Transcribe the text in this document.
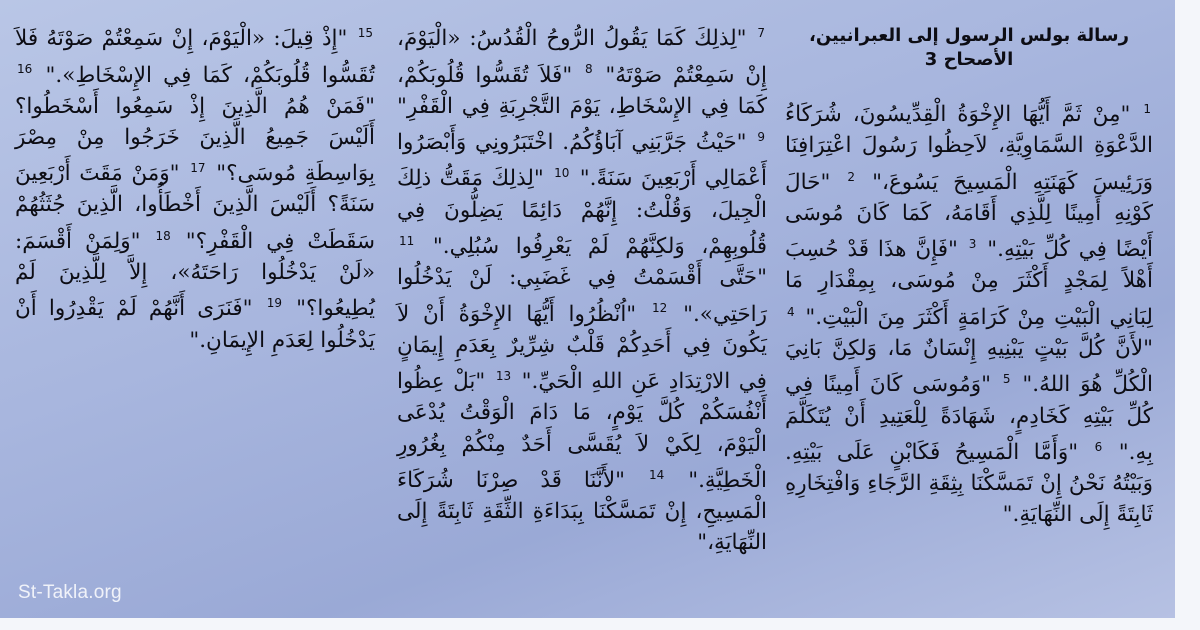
رسالة بولس الرسول إلى العبرانيين،
الأصحاح 3
$^1$ "مِنْ ثَمَّ أَيُّهَا الإِخْوَةُ الْقِدِّيسُونَ، شُرَكَاءُ الدَّعْوَةِ السَّمَاوِيَّةِ، لاَحِظُوا رَسُولَ اعْتِرَافِنَا وَرَئِيسَ كَهَنَتِهِ الْمَسِيحَ يَسُوعَ،" $^2$ "حَالَ كَوْنِهِ أَمِينًا لِلَّذِي أَقَامَهُ، كَمَا كَانَ مُوسَى أَيْضًا فِي كُلِّ بَيْتِهِ." $^3$ "فَإِنَّ هذَا قَدْ حُسِبَ أَهْلاً لِمَجْدٍ أَكْثَرَ مِنْ مُوسَى، بِمِقْدَارِ مَا لِبَانِي الْبَيْتِ مِنْ كَرَامَةٍ أَكْثَرَ مِنَ الْبَيْتِ." $^4$ "لأَنَّ كُلَّ بَيْتٍ يَبْنِيهِ إِنْسَانٌ مَا، وَلكِنَّ بَانِيَ الْكُلِّ هُوَ اللهُ." $^5$ "وَمُوسَى كَانَ أَمِينًا فِي كُلِّ بَيْتِهِ كَخَادِمٍ، شَهَادَةً لِلْعَتِيدِ أَنْ يُتَكَلَّمَ بِهِ." $^6$ "وَأَمَّا الْمَسِيحُ فَكَابْنٍ عَلَى بَيْتِهِ. وَبَيْتُهُ نَحْنُ إِنْ تَمَسَّكْنَا بِثِقَةِ الرَّجَاءِ وَافْتِخَارِهِ ثَابِتَةً إِلَى النِّهَايَةِ."
$^7$ "لِذلِكَ كَمَا يَقُولُ الرُّوحُ الْقُدُسُ: «الْيَوْمَ، إِنْ سَمِعْتُمْ صَوْتَهُ" $^8$ "فَلاَ تُقَسُّوا قُلُوبَكُمْ، كَمَا فِي الإِسْخَاطِ، يَوْمَ التَّجْرِبَةِ فِي الْقَفْرِ" $^9$ "حَيْثُ جَرَّبَنِي آبَاؤُكُمُ. اخْتَبَرُونِي وَأَبْصَرُوا أَعْمَالِي أَرْبَعِينَ سَنَةً." $^{10}$ "لِذلِكَ مَقَتُّ ذلِكَ الْجِيلَ، وَقُلْتُ: إِنَّهُمْ دَائِمًا يَضِلُّونَ فِي قُلُوبِهِمْ، وَلكِنَّهُمْ لَمْ يَعْرِفُوا سُبُلِي." $^{11}$ "حَتَّى أَقْسَمْتُ فِي غَضَبِي: لَنْ يَدْخُلُوا رَاحَتِي»." $^{12}$ "اُنْظُرُوا أَيُّهَا الإِخْوَةُ أَنْ لاَ يَكُونَ فِي أَحَدِكُمْ قَلْبٌ شِرِّيرٌ بِعَدَمِ إِيمَانٍ فِي الارْتِدَادِ عَنِ اللهِ الْحَيِّ." $^{13}$ "بَلْ عِظُوا أَنْفُسَكُمْ كُلَّ يَوْمٍ، مَا دَامَ الْوَقْتُ يُدْعَى الْيَوْمَ، لِكَيْ لاَ يُقَسَّى أَحَدٌ مِنْكُمْ بِغُرُورِ الْخَطِيَّةِ." $^{14}$ "لأَنَّنَا قَدْ صِرْنَا شُرَكَاءَ الْمَسِيحِ، إِنْ تَمَسَّكْنَا بِبَدَاءَةِ الثِّقَةِ ثَابِتَةً إِلَى النِّهَايَةِ،"
$^{15}$ "إِذْ قِيلَ: «الْيَوْمَ، إِنْ سَمِعْتُمْ صَوْتَهُ فَلاَ تُقَسُّوا قُلُوبَكُمْ، كَمَا فِي الإِسْخَاطِ»." $^{16}$ "فَمَنْ هُمُ الَّذِينَ إِذْ سَمِعُوا أَسْخَطُوا؟ أَلَيْسَ جَمِيعُ الَّذِينَ خَرَجُوا مِنْ مِصْرَ بِوَاسِطَةِ مُوسَى؟" $^{17}$ "وَمَنْ مَقَتَ أَرْبَعِينَ سَنَةً؟ أَلَيْسَ الَّذِينَ أَخْطَأُوا، الَّذِينَ جُثَثُهُمْ سَقَطَتْ فِي الْقَفْرِ؟" $^{18}$ "وَلِمَنْ أَقْسَمَ: «لَنْ يَدْخُلُوا رَاحَتَهُ»، إِلاَّ لِلَّذِينَ لَمْ يُطِيعُوا؟" $^{19}$ "فَنَرَى أَنَّهُمْ لَمْ يَقْدِرُوا أَنْ يَدْخُلُوا لِعَدَمِ الإِيمَانِ."
St-Takla.org
